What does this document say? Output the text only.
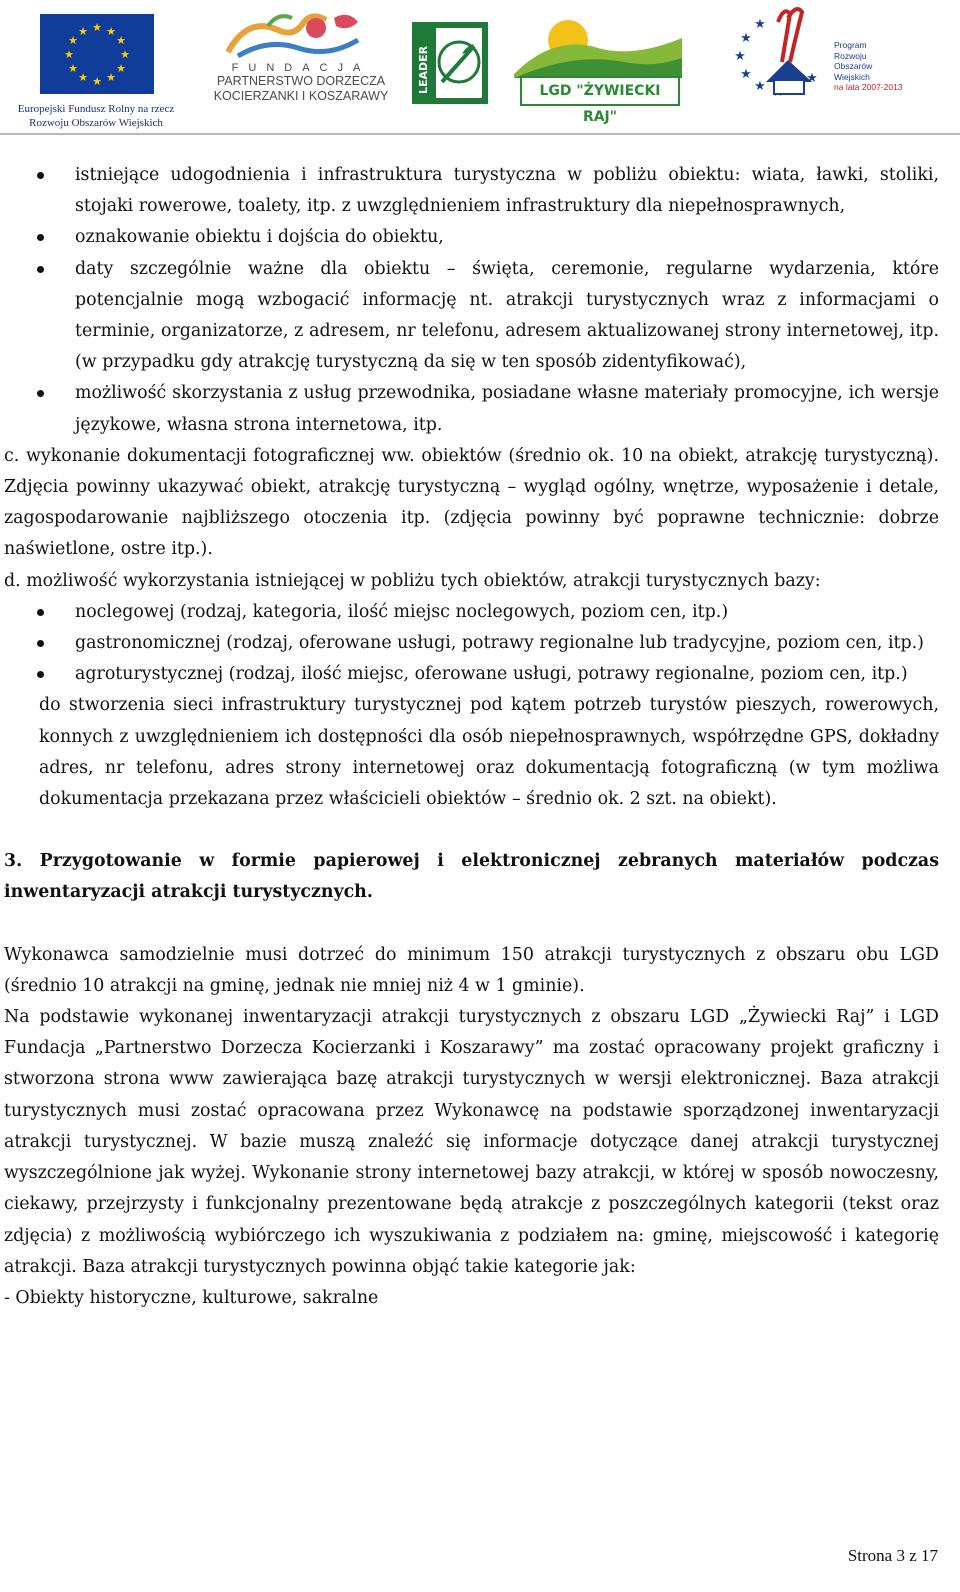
★ ★
★
★
★
★
★
★
★
★
★
★
Europejski Fundusz Rolny na rzecz
Rozwoju Obszarów Wiejskich
FUNDACJA
PARTNERSTWO DORZECZA
KOCIERZANKI I KOSZARAWY
LEADER	LGD "ŻYWIECKI RAJ"
★
★
★
★
★
★
Program
Rozwoju
Obszarów
Wiejskich
na lata 2007-2013

istniejące udogodnienia i infrastruktura turystyczna w pobliżu obiektu: wiata, ławki, stoliki, stojaki rowerowe, toalety, itp. z uwzględnieniem infrastruktury dla niepełnosprawnych,

oznakowanie obiektu i dojścia do obiektu,

daty szczególnie ważne dla obiektu – święta, ceremonie, regularne wydarzenia, które potencjalnie mogą wzbogacić informację nt. atrakcji turystycznych wraz z informacjami o terminie, organizatorze, z adresem, nr telefonu, adresem aktualizowanej strony internetowej, itp. (w przypadku gdy atrakcję turystyczną da się w ten sposób zidentyfikować),

możliwość skorzystania z usług przewodnika, posiadane własne materiały promocyjne, ich wersje językowe, własna strona internetowa, itp.

c. wykonanie dokumentacji fotograficznej ww. obiektów (średnio ok. 10 na obiekt, atrakcję turystyczną). Zdjęcia powinny ukazywać obiekt, atrakcję turystyczną – wygląd ogólny, wnętrze, wyposażenie i detale, zagospodarowanie najbliższego otoczenia itp. (zdjęcia powinny być poprawne technicznie: dobrze naświetlone, ostre itp.).

d. możliwość wykorzystania istniejącej w pobliżu tych obiektów, atrakcji turystycznych bazy:

noclegowej (rodzaj, kategoria, ilość miejsc noclegowych, poziom cen, itp.)

gastronomicznej (rodzaj, oferowane usługi, potrawy regionalne lub tradycyjne, poziom cen, itp.)

agroturystycznej (rodzaj, ilość miejsc, oferowane usługi, potrawy regionalne, poziom cen, itp.)

do stworzenia sieci infrastruktury turystycznej pod kątem potrzeb turystów pieszych, rowerowych, konnych z uwzględnieniem ich dostępności dla osób niepełnosprawnych, współrzędne GPS, dokładny adres, nr telefonu, adres strony internetowej oraz dokumentacją fotograficzną (w tym możliwa dokumentacja przekazana przez właścicieli obiektów – średnio ok. 2 szt. na obiekt).

3. Przygotowanie w formie papierowej i elektronicznej zebranych materiałów podczas inwentaryzacji atrakcji turystycznych.

Wykonawca samodzielnie musi dotrzeć do minimum 150 atrakcji turystycznych z obszaru obu LGD (średnio 10 atrakcji na gminę, jednak nie mniej niż 4 w 1 gminie).

Na podstawie wykonanej inwentaryzacji atrakcji turystycznych z obszaru LGD „Żywiecki Raj” i LGD Fundacja „Partnerstwo Dorzecza Kocierzanki i Koszarawy” ma zostać opracowany projekt graficzny i stworzona strona www zawierająca bazę atrakcji turystycznych w wersji elektronicznej. Baza atrakcji turystycznych musi zostać opracowana przez Wykonawcę na podstawie sporządzonej inwentaryzacji atrakcji turystycznej. W bazie muszą znaleźć się informacje dotyczące danej atrakcji turystycznej wyszczególnione jak wyżej. Wykonanie strony internetowej bazy atrakcji, w której w sposób nowoczesny, ciekawy, przejrzysty i funkcjonalny prezentowane będą atrakcje z poszczególnych kategorii (tekst oraz zdjęcia) z możliwością wybiórczego ich wyszukiwania z podziałem na: gminę, miejscowość i kategorię atrakcji. Baza atrakcji turystycznych powinna objąć takie kategorie jak:

- Obiekty historyczne, kulturowe, sakralne

Strona 3 z 17
